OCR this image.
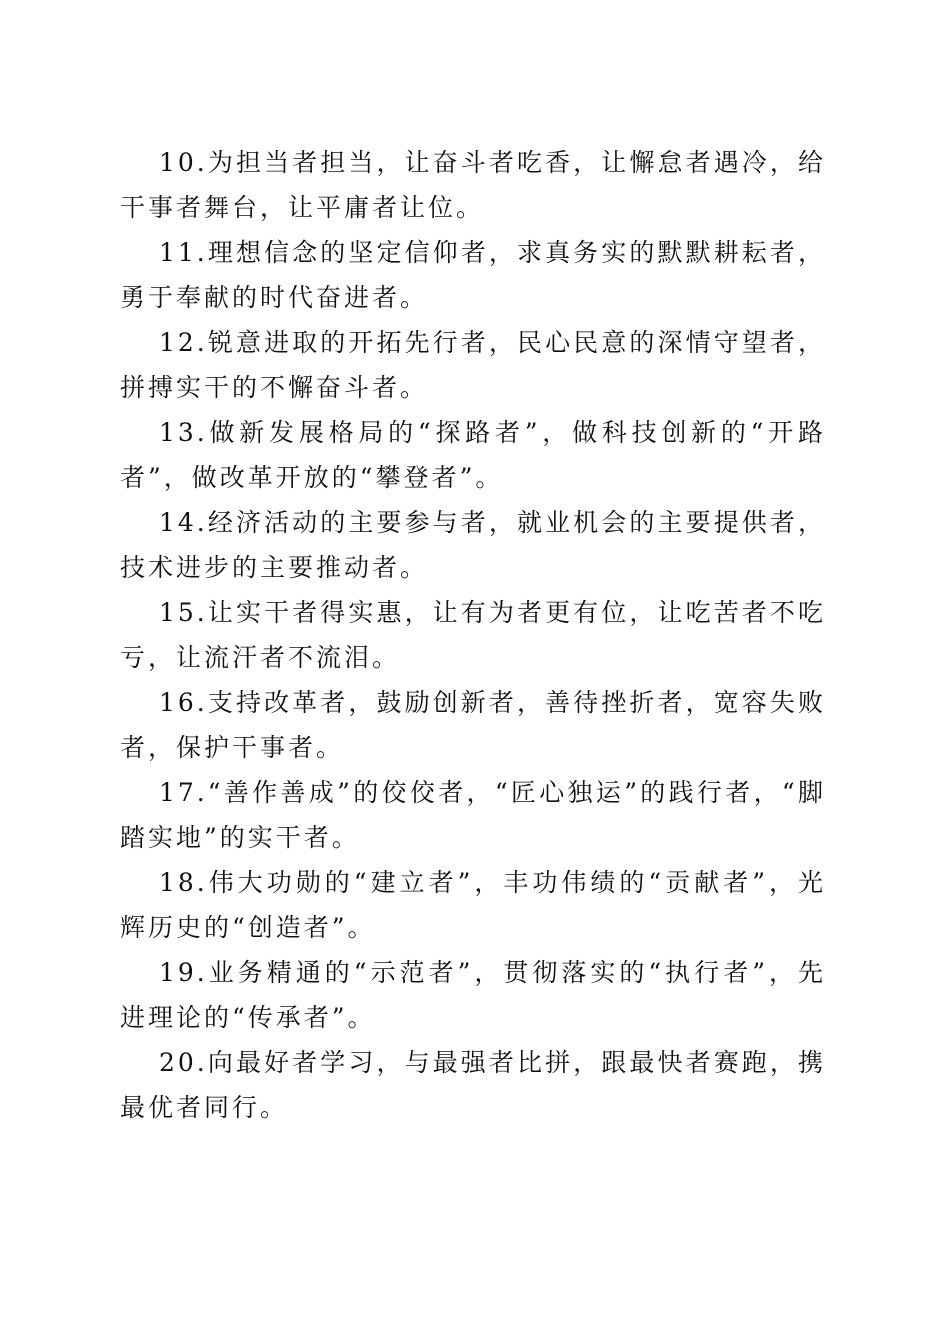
10.为担当者担当，让奋斗者吃香，让懈怠者遇冷，给干事者舞台，让平庸者让位。

11.理想信念的坚定信仰者，求真务实的默默耕耘者，勇于奉献的时代奋进者。

12.锐意进取的开拓先行者，民心民意的深情守望者，拼搏实干的不懈奋斗者。

13.做新发展格局的“探路者”，做科技创新的“开路者”，做改革开放的“攀登者”。

14.经济活动的主要参与者，就业机会的主要提供者，技术进步的主要推动者。

15.让实干者得实惠，让有为者更有位，让吃苦者不吃亏，让流汗者不流泪。

16.支持改革者，鼓励创新者，善待挫折者，宽容失败者，保护干事者。

17.“善作善成”的佼佼者，“匠心独运”的践行者，“脚踏实地”的实干者。

18.伟大功勋的“建立者”，丰功伟绩的“贡献者”，光辉历史的“创造者”。

19.业务精通的“示范者”，贯彻落实的“执行者”，先进理论的“传承者”。

20.向最好者学习，与最强者比拼，跟最快者赛跑，携最优者同行。
